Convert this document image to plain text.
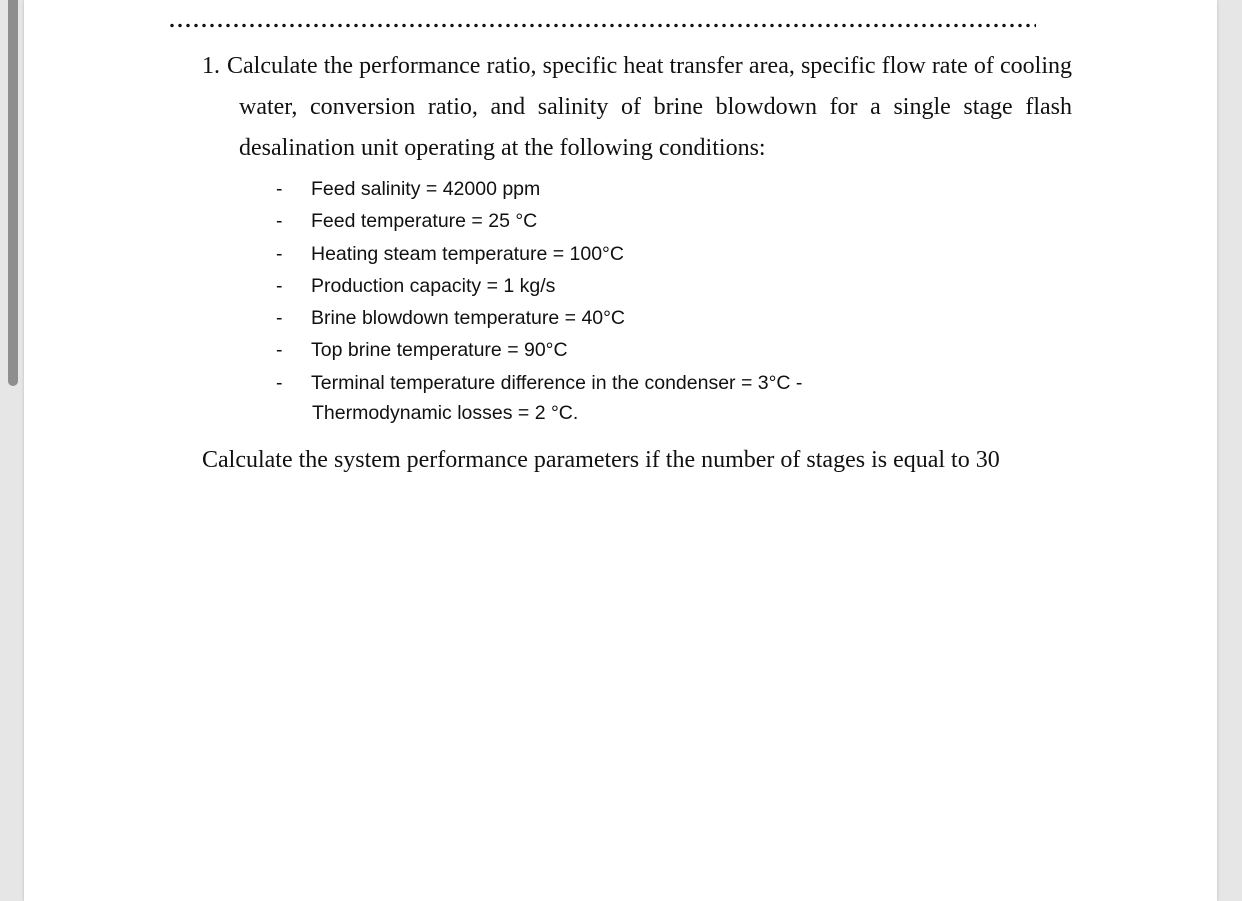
1. Calculate the performance ratio, specific heat transfer area, specific flow rate of cooling water, conversion ratio, and salinity of brine blowdown for a single stage flash desalination unit operating at the following conditions:

-	Feed salinity = 42000 ppm
-	Feed temperature = 25 °C
-	Heating steam temperature = 100°C
-	Production capacity = 1 kg/s
-	Brine blowdown temperature = 40°C
-	Top brine temperature = 90°C
-	Terminal temperature difference in the condenser = 3°C -
Thermodynamic losses = 2 °C.

Calculate the system performance parameters if the number of stages is equal to 30
